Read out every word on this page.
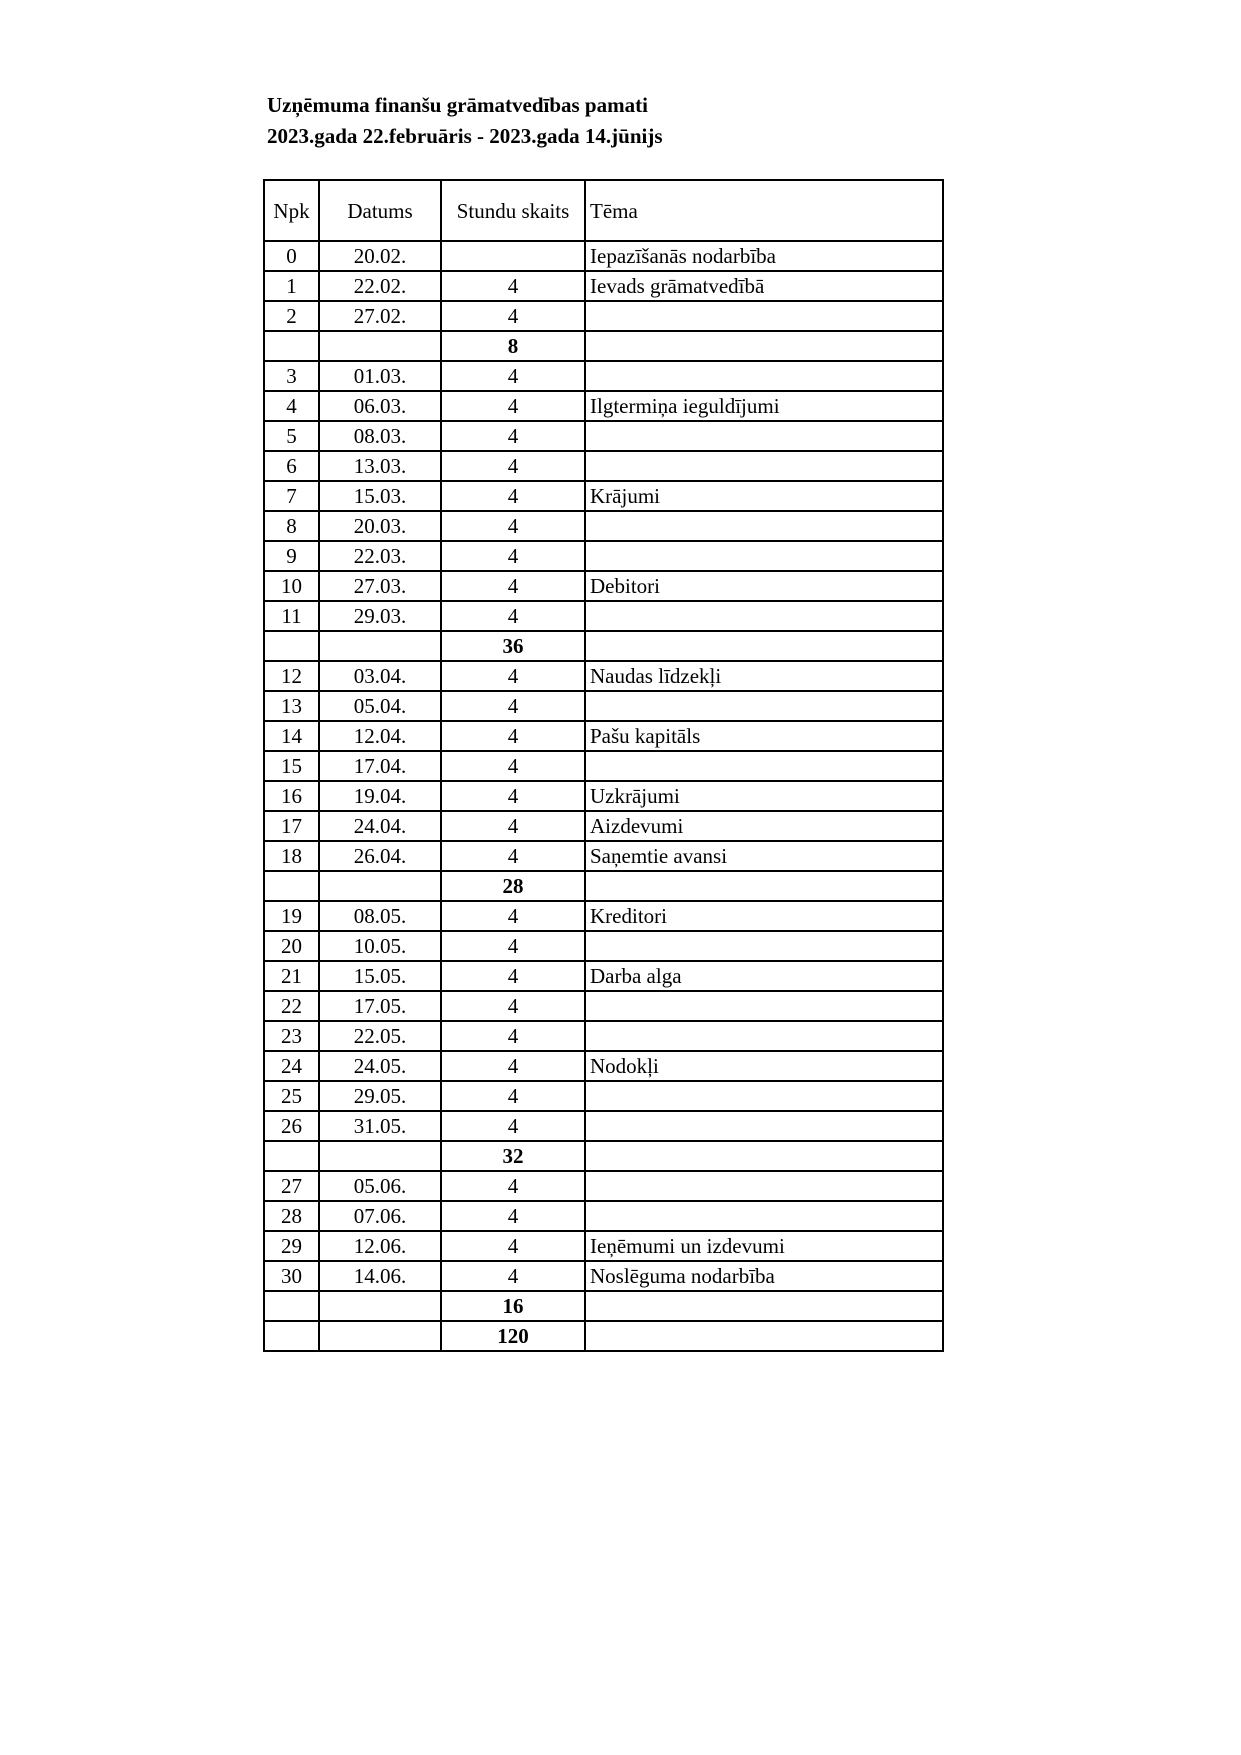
Uzņēmuma finanšu grāmatvedības pamati
2023.gada 22.februāris - 2023.gada 14.jūnijs
Npk	Datums	Stundu skaits	Tēma
0	20.02.		Iepazīšanās nodarbība
1	22.02.	4	Ievads grāmatvedībā
2	27.02.	4	
		8	
3	01.03.	4	
4	06.03.	4	Ilgtermiņa ieguldījumi
5	08.03.	4	
6	13.03.	4	
7	15.03.	4	Krājumi
8	20.03.	4	
9	22.03.	4	
10	27.03.	4	Debitori
11	29.03.	4	
		36	
12	03.04.	4	Naudas līdzekļi
13	05.04.	4	
14	12.04.	4	Pašu kapitāls
15	17.04.	4	
16	19.04.	4	Uzkrājumi
17	24.04.	4	Aizdevumi
18	26.04.	4	Saņemtie avansi
		28	
19	08.05.	4	Kreditori
20	10.05.	4	
21	15.05.	4	Darba alga
22	17.05.	4	
23	22.05.	4	
24	24.05.	4	Nodokļi
25	29.05.	4	
26	31.05.	4	
		32	
27	05.06.	4	
28	07.06.	4	
29	12.06.	4	Ieņēmumi un izdevumi
30	14.06.	4	Noslēguma nodarbība
		16	
		120	
